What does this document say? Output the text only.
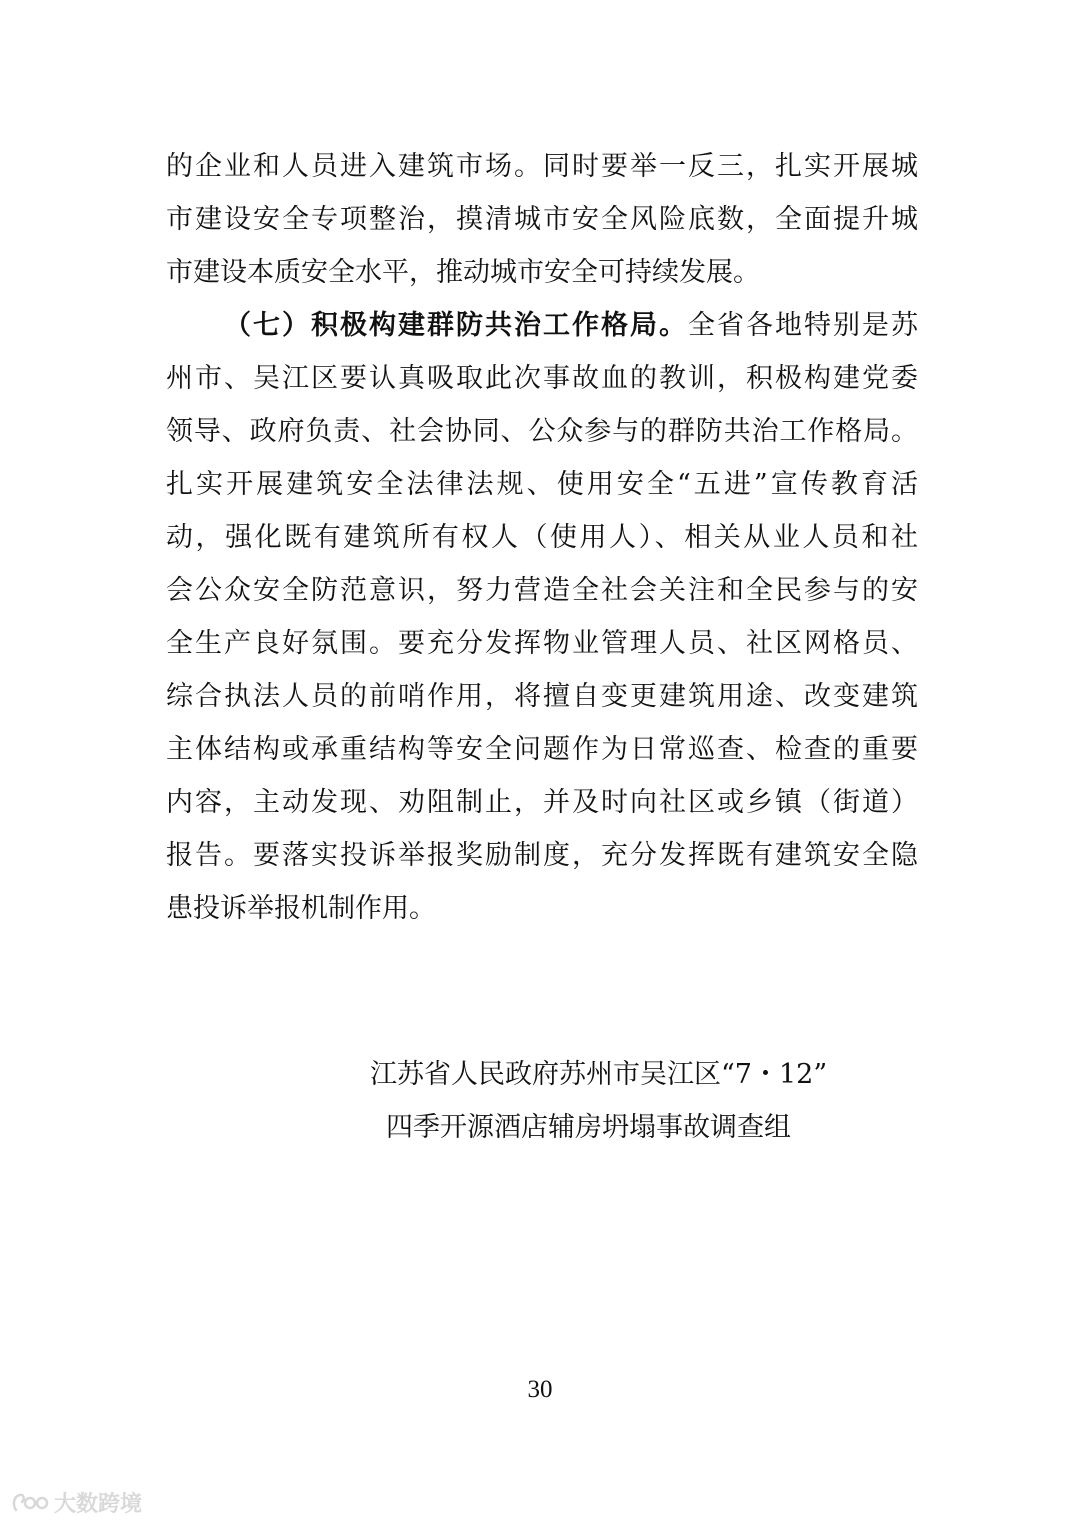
的企业和人员进入建筑市场。同时要举一反三，扎实开展城
市建设安全专项整治，摸清城市安全风险底数，全面提升城
市建设本质安全水平，推动城市安全可持续发展。
（七）积极构建群防共治工作格局。全省各地特别是苏
州市、吴江区要认真吸取此次事故血的教训，积极构建党委
领导、政府负责、社会协同、公众参与的群防共治工作格局。
扎实开展建筑安全法律法规、使用安全“五进”宣传教育活
动，强化既有建筑所有权人（使用人）、相关从业人员和社
会公众安全防范意识，努力营造全社会关注和全民参与的安
全生产良好氛围。要充分发挥物业管理人员、社区网格员、
综合执法人员的前哨作用，将擅自变更建筑用途、改变建筑
主体结构或承重结构等安全问题作为日常巡查、检查的重要
内容，主动发现、劝阻制止，并及时向社区或乡镇（街道）
报告。要落实投诉举报奖励制度，充分发挥既有建筑安全隐
患投诉举报机制作用。
江苏省人民政府苏州市吴江区“7・12”
四季开源酒店辅房坍塌事故调查组
30
大数跨境
